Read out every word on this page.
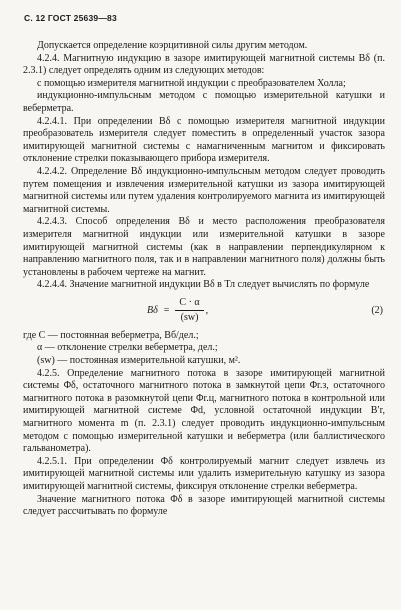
С. 12 ГОСТ 25639—83

Допускается определение коэрцитивной силы другим методом.

4.2.4. Магнитную индукцию в зазоре имитирующей магнитной системы Bδ (п. 2.3.1) следует определять одним из следующих методов:

с помощью измерителя магнитной индукции с преобразователем Холла;

индукционно-импульсным методом с помощью измерительной катушки и веберметра.

4.2.4.1. При определении Bδ с помощью измерителя магнитной индукции преобразователь измерителя следует поместить в определенный участок зазора имитирующей магнитной системы с намагниченным магнитом и фиксировать отклонение стрелки показывающего прибора измерителя.

4.2.4.2. Определение Bδ индукционно-импульсным методом следует проводить путем помещения и извлечения измерительной катушки из зазора имитирующей магнитной системы или путем удаления контролируемого магнита из имитирующей магнитной системы.

4.2.4.3. Способ определения Bδ и место расположения преобразователя измерителя магнитной индукции или измерительной катушки в зазоре имитирующей магнитной системы (как в направлении перпендикулярном к направлению магнитного поля, так и в направлении магнитного поля) должны быть установлены в рабочем чертеже на магнит.

4.2.4.4. Значение магнитной индукции Bδ в Тл следует вычислять по формуле

$B\delta = \frac{C \cdot \alpha}{(sw)}$ ,	(2)

где C — постоянная веберметра, Вб/дел.;

α — отклонение стрелки веберметра, дел.;

(sw) — постоянная измерительной катушки, м².

4.2.5. Определение магнитного потока в зазоре имитирующей магнитной системы Φδ, остаточного магнитного потока в замкнутой цепи Φr.з, остаточного магнитного потока в разомкнутой цепи Φr.ц, магнитного потока в контрольной или имитирующей магнитной системе Φd, условной остаточной индукции B′r, магнитного момента m (п. 2.3.1) следует проводить индукционно-импульсным методом с помощью измерительной катушки и веберметра (или баллистического гальванометра).

4.2.5.1. При определении Φδ контролируемый магнит следует извлечь из имитирующей магнитной системы или удалить измерительную катушку из зазора имитирующей магнитной системы, фиксируя отклонение стрелки веберметра.

Значение магнитного потока Φδ в зазоре имитирующей магнитной системы следует рассчитывать по формуле
